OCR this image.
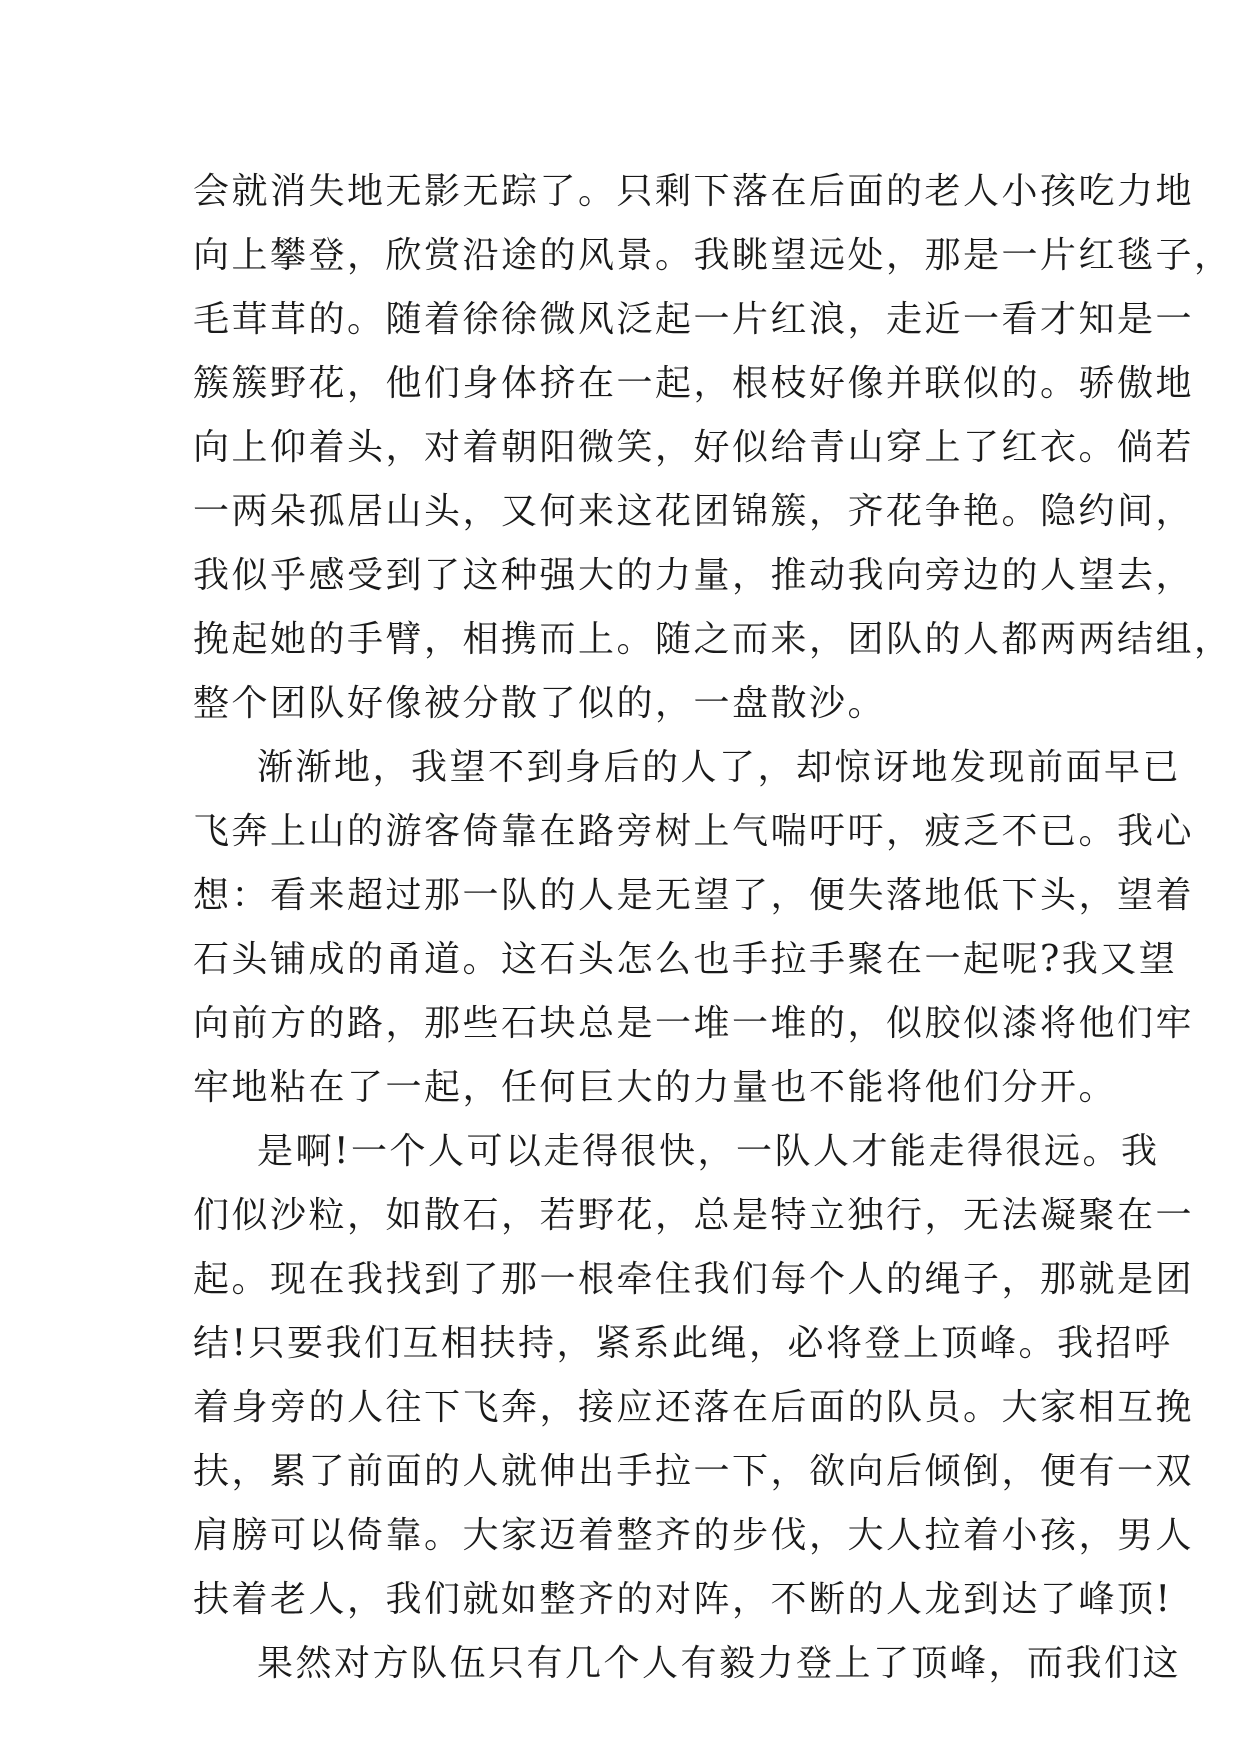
会就消失地无影无踪了。只剩下落在后面的老人小孩吃力地
向上攀登，欣赏沿途的风景。我眺望远处，那是一片红毯子，
毛茸茸的。随着徐徐微风泛起一片红浪，走近一看才知是一
簇簇野花，他们身体挤在一起，根枝好像并联似的。骄傲地
向上仰着头，对着朝阳微笑，好似给青山穿上了红衣。倘若
一两朵孤居山头，又何来这花团锦簇，齐花争艳。隐约间，
我似乎感受到了这种强大的力量，推动我向旁边的人望去，
挽起她的手臂，相携而上。随之而来，团队的人都两两结组，
整个团队好像被分散了似的，一盘散沙。
渐渐地，我望不到身后的人了，却惊讶地发现前面早已
飞奔上山的游客倚靠在路旁树上气喘吁吁，疲乏不已。我心
想：看来超过那一队的人是无望了，便失落地低下头，望着
石头铺成的甬道。这石头怎么也手拉手聚在一起呢?我又望
向前方的路，那些石块总是一堆一堆的，似胶似漆将他们牢
牢地粘在了一起，任何巨大的力量也不能将他们分开。
是啊!一个人可以走得很快，一队人才能走得很远。我
们似沙粒，如散石，若野花，总是特立独行，无法凝聚在一
起。现在我找到了那一根牵住我们每个人的绳子，那就是团
结!只要我们互相扶持，紧系此绳，必将登上顶峰。我招呼
着身旁的人往下飞奔，接应还落在后面的队员。大家相互挽
扶，累了前面的人就伸出手拉一下，欲向后倾倒，便有一双
肩膀可以倚靠。大家迈着整齐的步伐，大人拉着小孩，男人
扶着老人，我们就如整齐的对阵，不断的人龙到达了峰顶!
果然对方队伍只有几个人有毅力登上了顶峰，而我们这
